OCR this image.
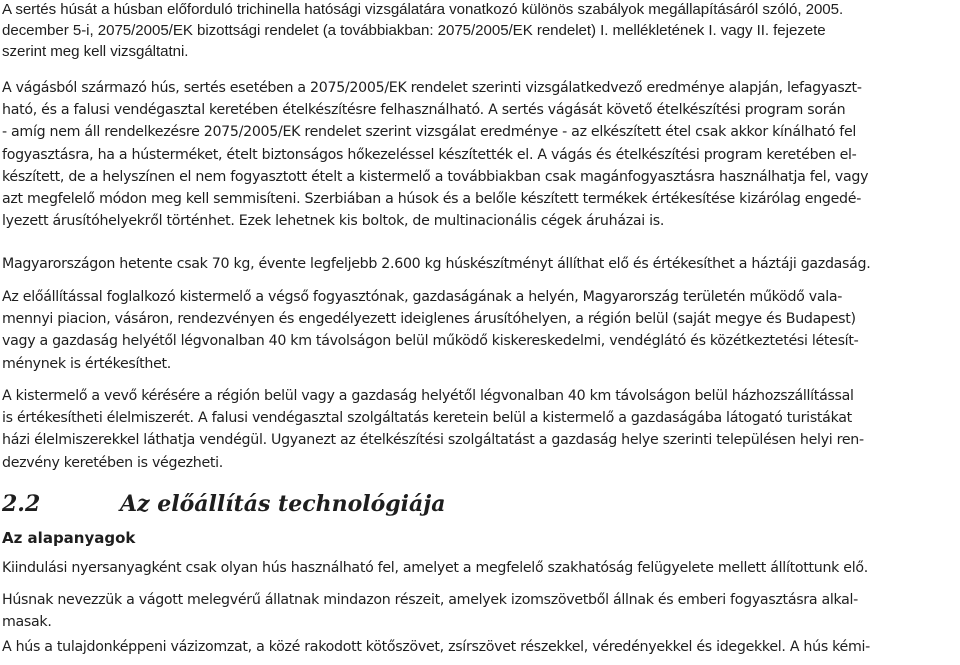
A sertés húsát a húsban előforduló trichinella hatósági vizsgálatára vonatkozó különös szabályok megállapításáról szóló, 2005.
december 5-i, 2075/2005/EK bizottsági rendelet (a továbbiakban: 2075/2005/EK rendelet) I. mellékletének I. vagy II. fejezete
szerint meg kell vizsgáltatni.

A vágásból származó hús, sertés esetében a 2075/2005/EK rendelet szerinti vizsgálatkedvező eredménye alapján, lefagyaszt-
ható, és a falusi vendégasztal keretében ételkészítésre felhasználható. A sertés vágását követő ételkészítési program során
- amíg nem áll rendelkezésre 2075/2005/EK rendelet szerint vizsgálat eredménye - az elkészített étel csak akkor kínálható fel
fogyasztásra, ha a hústerméket, ételt biztonságos hőkezeléssel készítették el. A vágás és ételkészítési program keretében el-
készített, de a helyszínen el nem fogyasztott ételt a kistermelő a továbbiakban csak magánfogyasztásra használhatja fel, vagy
azt megfelelő módon meg kell semmisíteni. Szerbiában a húsok és a belőle készített termékek értékesítése kizárólag engedé-
lyezett árusítóhelyekről történhet. Ezek lehetnek kis boltok, de multinacionális cégek áruházai is.

Magyarországon hetente csak 70 kg, évente legfeljebb 2.600 kg húskészítményt állíthat elő és értékesíthet a háztáji gazdaság.

Az előállítással foglalkozó kistermelő a végső fogyasztónak, gazdaságának a helyén, Magyarország területén működő vala-
mennyi piacion, vásáron, rendezvényen és engedélyezett ideiglenes árusítóhelyen, a régión belül (saját megye és Budapest)
vagy a gazdaság helyétől légvonalban 40 km távolságon belül működő kiskereskedelmi, vendéglátó és közétkeztetési létesít-
ménynek is értékesíthet.

A kistermelő a vevő kérésére a régión belül vagy a gazdaság helyétől légvonalban 40 km távolságon belül házhozszállítással
is értékesítheti élelmiszerét. A falusi vendégasztal szolgáltatás keretein belül a kistermelő a gazdaságába látogató turistákat
házi élelmiszerekkel láthatja vendégül. Ugyanezt az ételkészítési szolgáltatást a gazdaság helye szerinti településen helyi ren-
dezvény keretében is végezheti.

2.2	Az előállítás technológiája
Az alapanyagok

Kiindulási nyersanyagként csak olyan hús használható fel, amelyet a megfelelő szakhatóság felügyelete mellett állítottunk elő.

Húsnak nevezzük a vágott melegvérű állatnak mindazon részeit, amelyek izomszövetből állnak és emberi fogyasztásra alkal-
masak.

A hús a tulajdonképpeni vázizomzat, a közé rakodott kötőszövet, zsírszövet részekkel, véredényekkel és idegekkel. A hús kémi-
